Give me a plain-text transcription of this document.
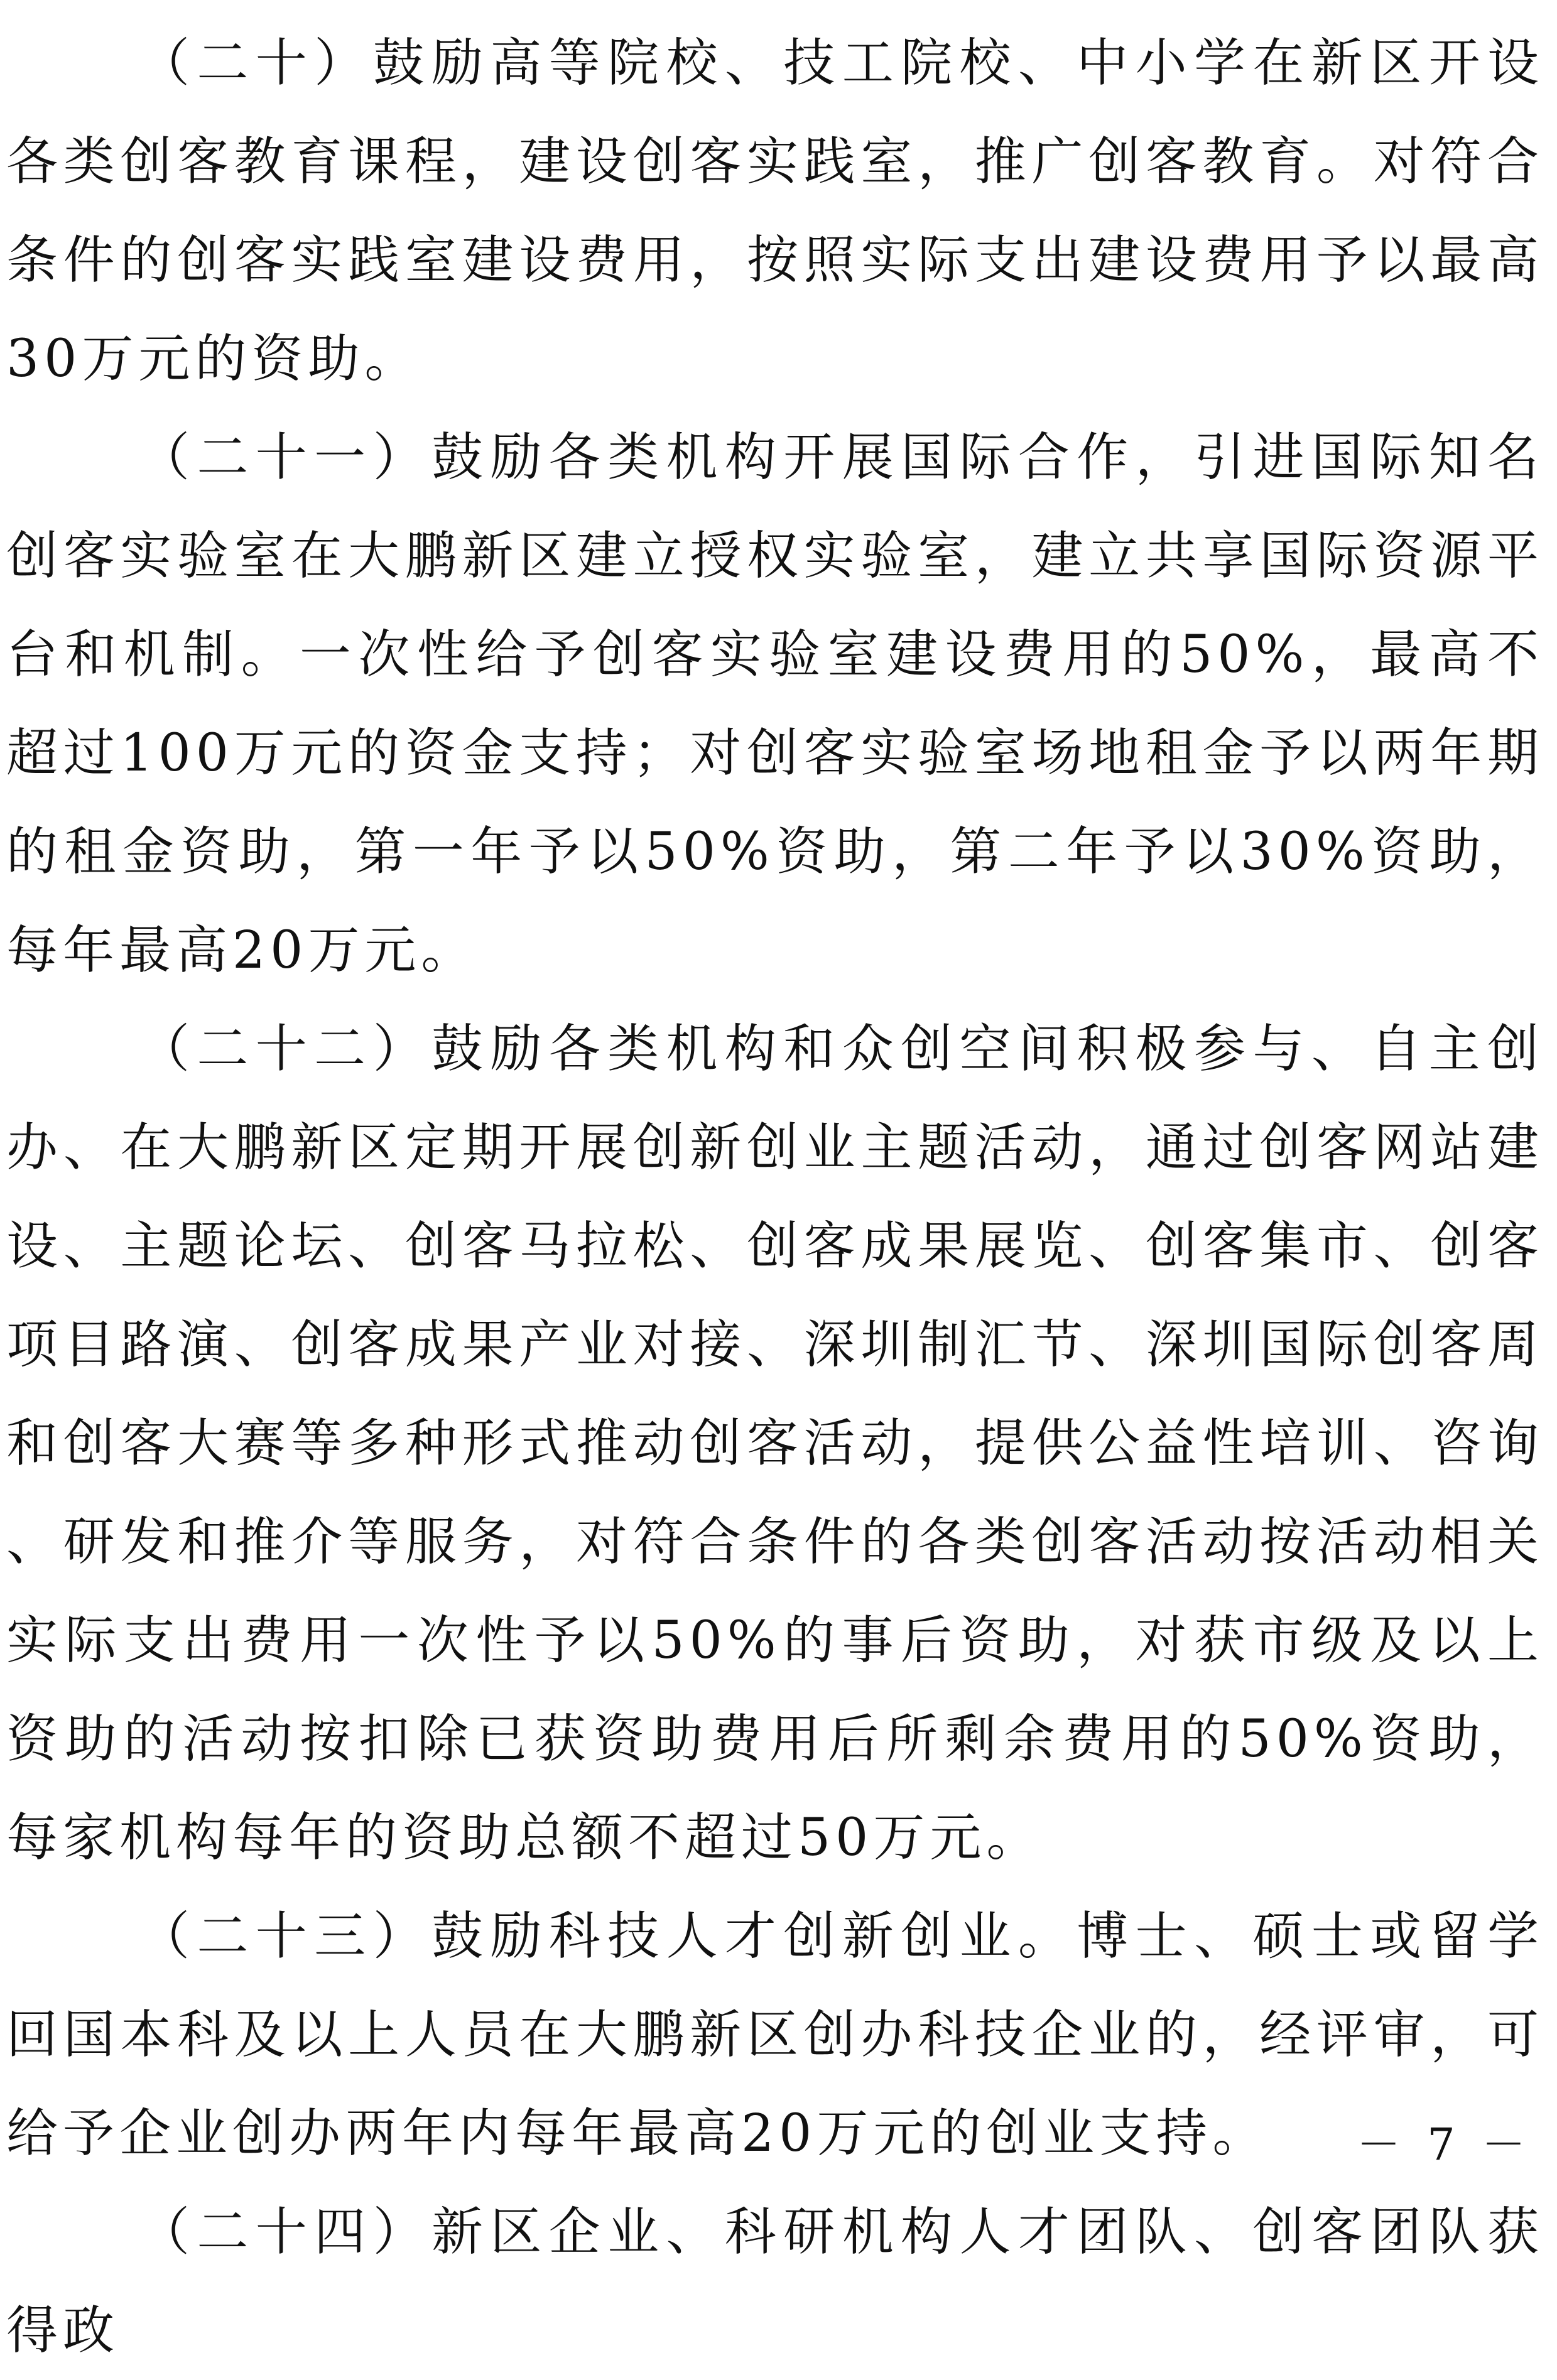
（二十）鼓励高等院校、技工院校、中小学在新区开设各类创客教育课程，建设创客实践室，推广创客教育。对符合条件的创客实践室建设费用，按照实际支出建设费用予以最高30万元的资助。

（二十一）鼓励各类机构开展国际合作，引进国际知名创客实验室在大鹏新区建立授权实验室，建立共享国际资源平台和机制。一次性给予创客实验室建设费用的50%，最高不超过100万元的资金支持；对创客实验室场地租金予以两年期的租金资助，第一年予以50%资助，第二年予以30%资助，每年最高20万元。

（二十二）鼓励各类机构和众创空间积极参与、自主创办、在大鹏新区定期开展创新创业主题活动，通过创客网站建设、主题论坛、创客马拉松、创客成果展览、创客集市、创客项目路演、创客成果产业对接、深圳制汇节、深圳国际创客周和创客大赛等多种形式推动创客活动，提供公益性培训、咨询、研发和推介等服务，对符合条件的各类创客活动按活动相关实际支出费用一次性予以50%的事后资助，对获市级及以上资助的活动按扣除已获资助费用后所剩余费用的50%资助，每家机构每年的资助总额不超过50万元。

（二十三）鼓励科技人才创新创业。博士、硕士或留学回国本科及以上人员在大鹏新区创办科技企业的，经评审，可给予企业创办两年内每年最高20万元的创业支持。

（二十四）新区企业、科研机构人才团队、创客团队获得政

－ 7 －
